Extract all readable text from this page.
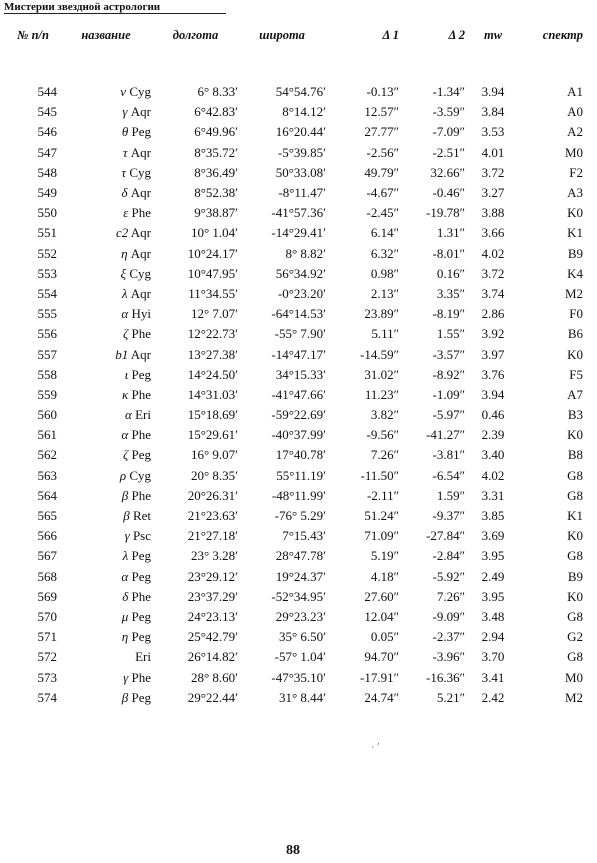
Мистерии звездной астрологии
№ п/п	название	долгота	широта	Δ 1	Δ 2	mw	спектр
544	ν Cyg	6° 8.33′	54°54.76′	-0.13″	-1.34″	3.94	A1
545	γ Aqr	6°42.83′	8°14.12′	12.57″	-3.59″	3.84	A0
546	θ Peg	6°49.96′	16°20.44′	27.77″	-7.09″	3.53	A2
547	τ Aqr	8°35.72′	-5°39.85′	-2.56″	-2.51″	4.01	M0
548	τ Cyg	8°36.49′	50°33.08′	49.79″	32.66″	3.72	F2
549	δ Aqr	8°52.38′	-8°11.47′	-4.67″	-0.46″	3.27	A3
550	ε Phe	9°38.87′	-41°57.36′	-2.45″	-19.78″	3.88	K0
551	c2 Aqr	10° 1.04′	-14°29.41′	6.14″	1.31″	3.66	K1
552	η Aqr	10°24.17′	8° 8.82′	6.32″	-8.01″	4.02	B9
553	ξ Cyg	10°47.95′	56°34.92′	0.98″	0.16″	3.72	K4
554	λ Aqr	11°34.55′	-0°23.20′	2.13″	3.35″	3.74	M2
555	α Hyi	12° 7.07′	-64°14.53′	23.89″	-8.19″	2.86	F0
556	ζ Phe	12°22.73′	-55° 7.90′	5.11″	1.55″	3.92	B6
557	b1 Aqr	13°27.38′	-14°47.17′	-14.59″	-3.57″	3.97	K0
558	ι Peg	14°24.50′	34°15.33′	31.02″	-8.92″	3.76	F5
559	κ Phe	14°31.03′	-41°47.66′	11.23″	-1.09″	3.94	A7
560	α Eri	15°18.69′	-59°22.69′	3.82″	-5.97″	0.46	B3
561	α Phe	15°29.61′	-40°37.99′	-9.56″	-41.27″	2.39	K0
562	ζ Peg	16° 9.07′	17°40.78′	7.26″	-3.81″	3.40	B8
563	ρ Cyg	20° 8.35′	55°11.19′	-11.50″	-6.54″	4.02	G8
564	β Phe	20°26.31′	-48°11.99′	-2.11″	1.59″	3.31	G8
565	β Ret	21°23.63′	-76° 5.29′	51.24″	-9.37″	3.85	K1
566	γ Psc	21°27.18′	7°15.43′	71.09″	-27.84″	3.69	K0
567	λ Peg	23° 3.28′	28°47.78′	5.19″	-2.84″	3.95	G8
568	α Peg	23°29.12′	19°24.37′	4.18″	-5.92″	2.49	B9
569	δ Phe	23°37.29′	-52°34.95′	27.60″	7.26″	3.95	K0
570	μ Peg	24°23.13′	29°23.23′	12.04″	-9.09″	3.48	G8
571	η Peg	25°42.79′	35° 6.50′	0.05″	-2.37″	2.94	G2
572	Eri	26°14.82′	-57° 1.04′	94.70″	-3.96″	3.70	G8
573	γ Phe	28° 8.60′	-47°35.10′	-17.91″	-16.36″	3.41	M0
574	β Peg	29°22.44′	31° 8.44′	24.74″	5.21″	2.42	M2
˙ ˊ
88
